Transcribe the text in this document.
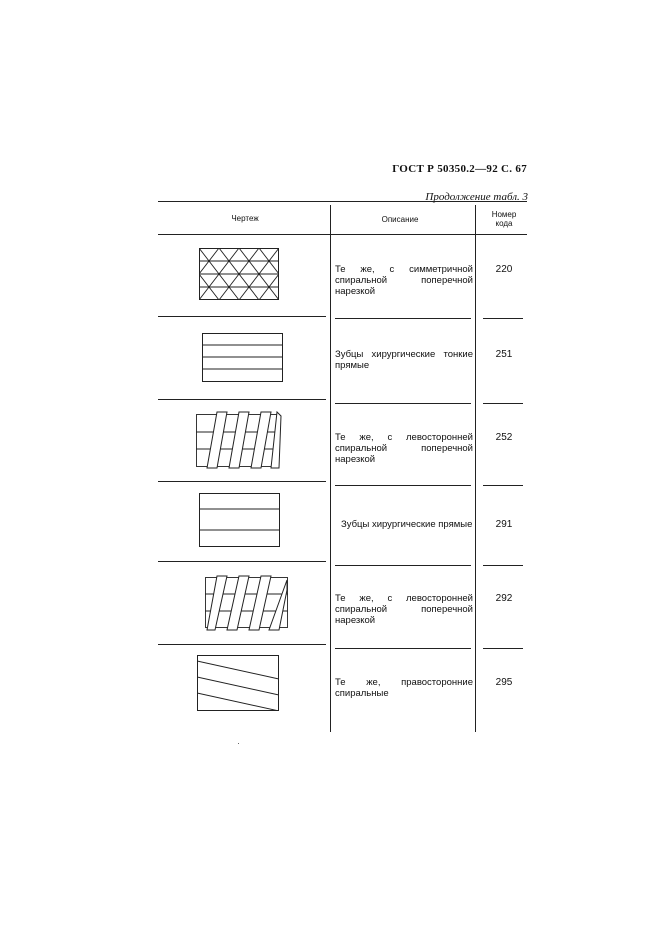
ГОСТ Р 50350.2—92 С. 67
Продолжение табл. 3
Чертеж	Описание
Номер кода
Те же, с симметричной спиральной поперечной нарезкой
220
Зубцы хирургические тонкие прямые
251
Те же, с левосторонней спиральной поперечной нарезкой
252
Зубцы хирургические прямые	291
Те же, с левосторонней спиральной поперечной нарезкой
292
Те же, правосторонние спиральные
295
